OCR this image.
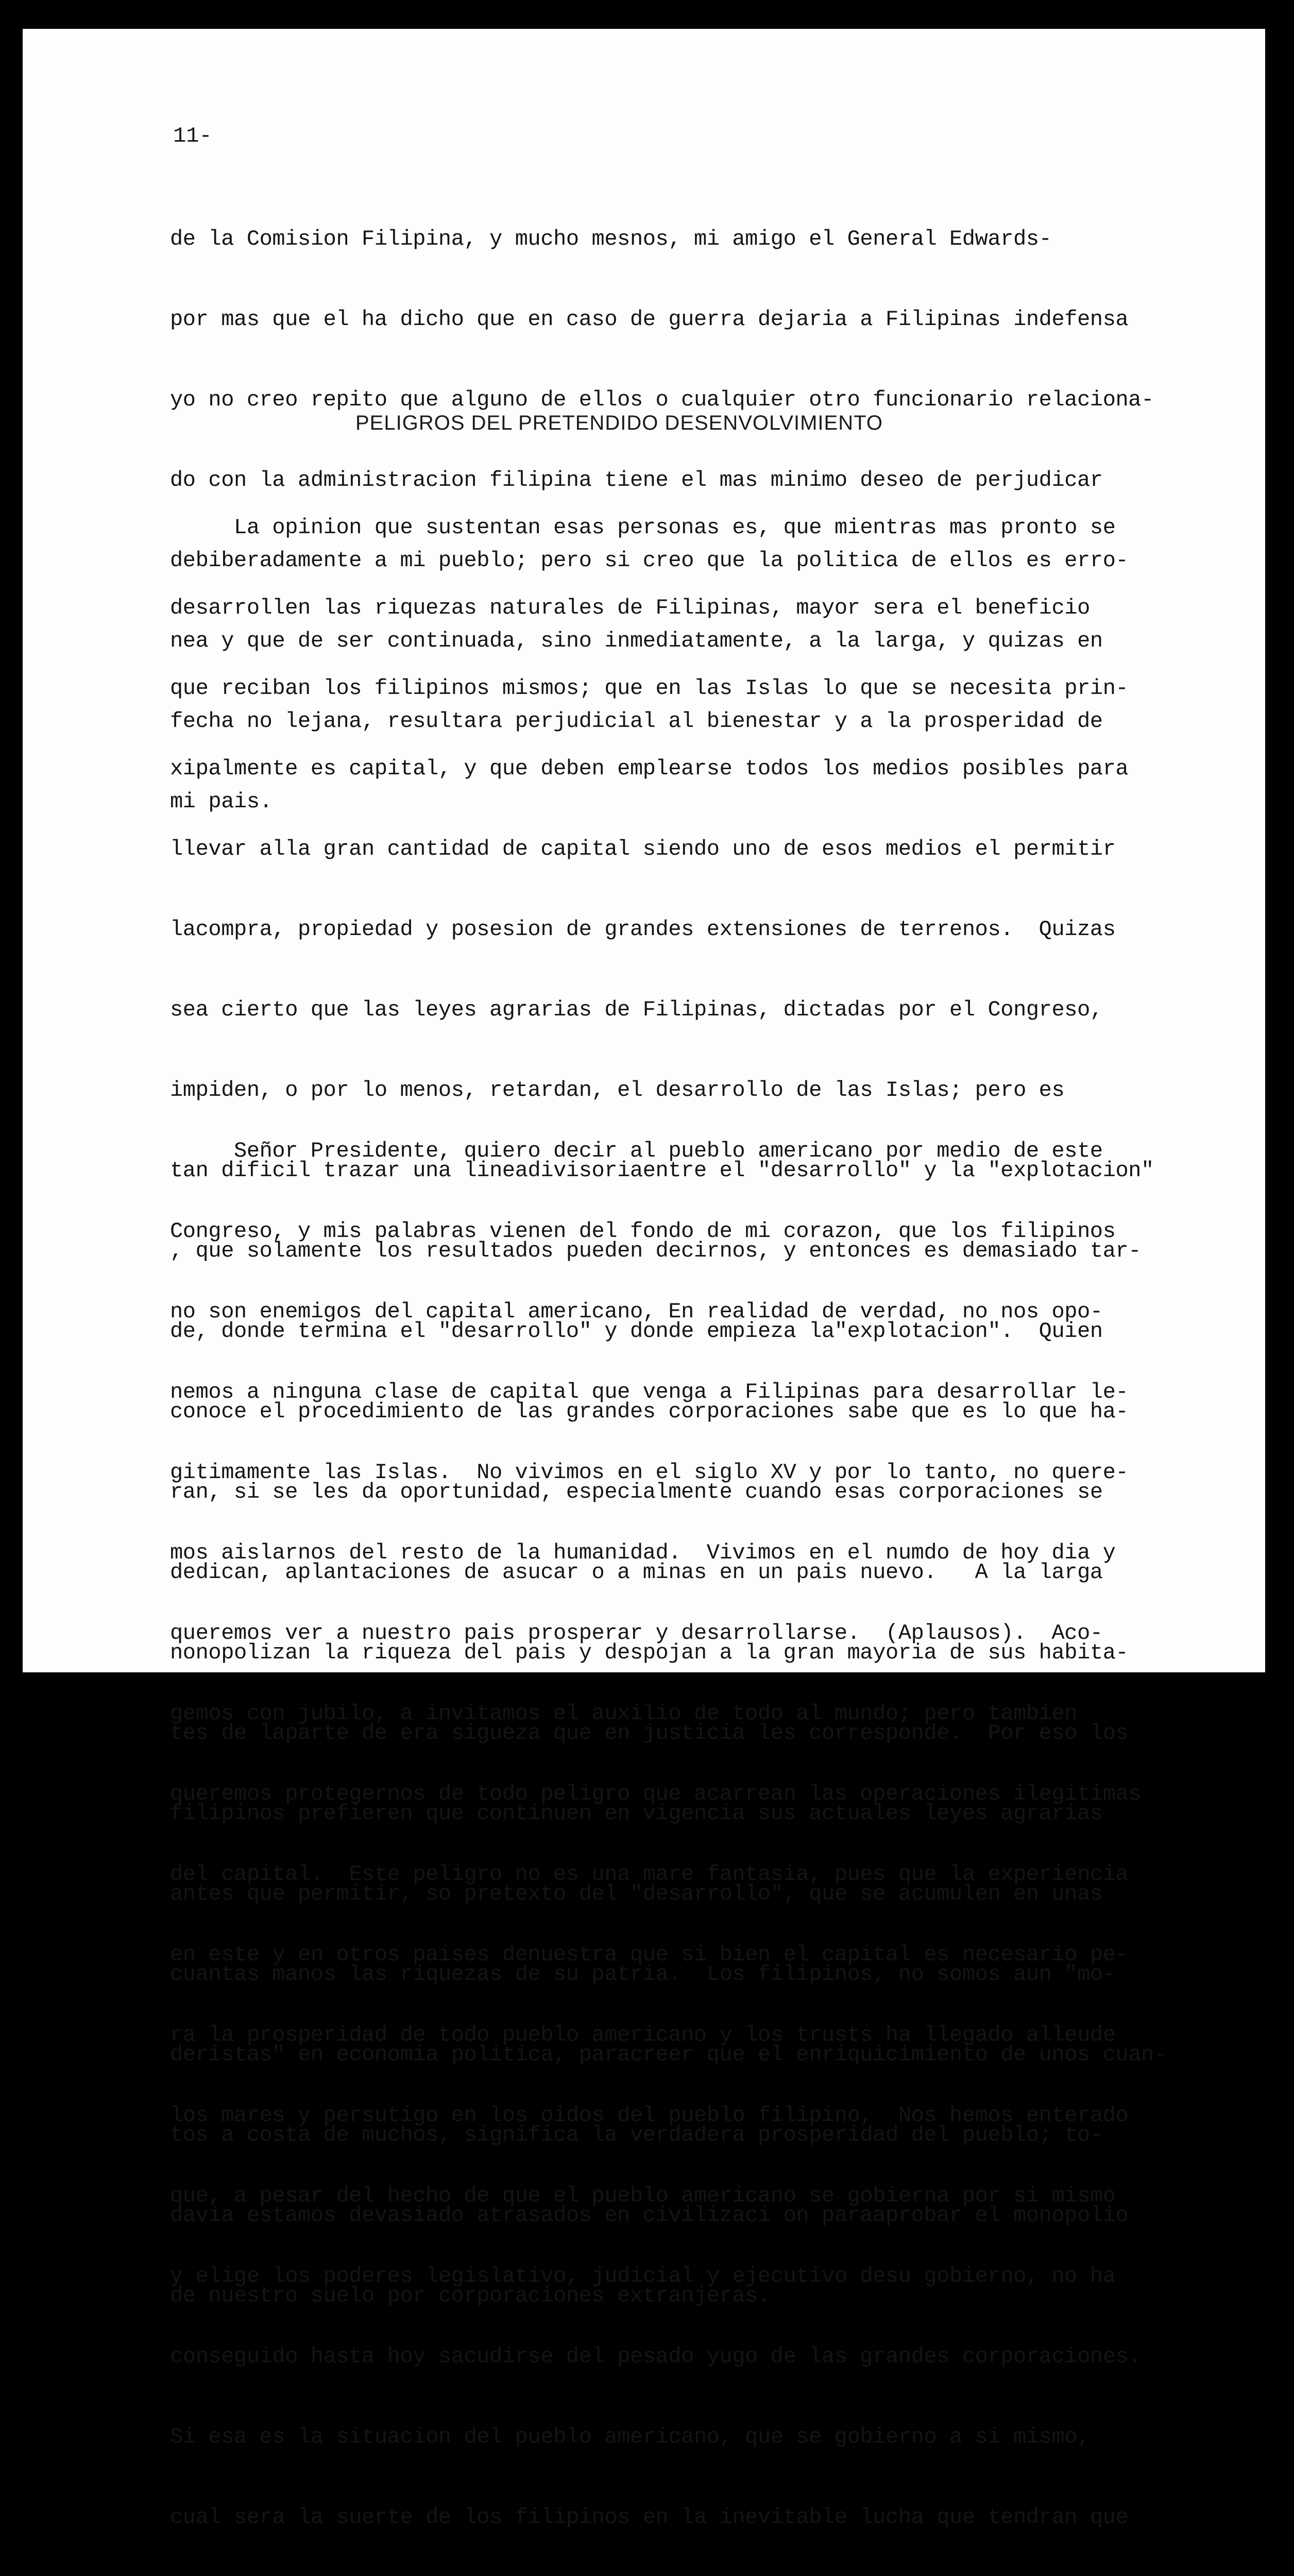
11-

de la Comision Filipina, y mucho mesnos, mi amigo el General Edwards-

por mas que el ha dicho que en caso de guerra dejaria a Filipinas indefensa

yo no creo repito que alguno de ellos o cualquier otro funcionario relaciona-

do con la administracion filipina tiene el mas minimo deseo de perjudicar

debiberadamente a mi pueblo; pero si creo que la politica de ellos es erro-

nea y que de ser continuada, sino inmediatamente, a la larga, y quizas en

fecha no lejana, resultara perjudicial al bienestar y a la prosperidad de

mi pais.

PELIGROS DEL PRETENDIDO DESENVOLVIMIENTO

La opinion que sustentan esas personas es, que mientras mas pronto se

desarrollen las riquezas naturales de Filipinas, mayor sera el beneficio

que reciban los filipinos mismos; que en las Islas lo que se necesita prin-

xipalmente es capital, y que deben emplearse todos los medios posibles para

llevar alla gran cantidad de capital siendo uno de esos medios el permitir

lacompra, propiedad y posesion de grandes extensiones de terrenos.  Quizas

sea cierto que las leyes agrarias de Filipinas, dictadas por el Congreso,

impiden, o por lo menos, retardan, el desarrollo de las Islas; pero es

tan dificil trazar una lineadivisoriaentre el "desarrollo" y la "explotacion"

, que solamente los resultados pueden decirnos, y entonces es demasiado tar-

de, donde termina el "desarrollo" y donde empieza la"explotacion".  Quien

conoce el procedimiento de las grandes corporaciones sabe que es lo que ha-

ran, si se les da oportunidad, especialmente cuando esas corporaciones se

dedican, aplantaciones de asucar o a minas en un pais nuevo.   A la larga

nonopolizan la riqueza del pais y despojan a la gran mayoria de sus habita-

tes de laparte de era sigueza que en justicia les corresponde.  Por eso los

filipinos prefieren que continuen en vigencia sus actuales leyes agrarias

antes que permitir, so pretexto del "desarrollo", que se acumulen en unas

cuantas manos las riquezas de su patria.  Los filipinos, no somos aun "mo-

deristas" en economia politica, paracreer que el enriquicimiento de unos cuan-

tos a costa de muchos, significa la verdadera prosperidad del pueblo; to-

davia estamos devasiado atrasados en civilizaci on paraaprobar el monopolio

de nuestro suelo por corporaciones extranjeras.

Señor Presidente, quiero decir al pueblo americano por medio de este

Congreso, y mis palabras vienen del fondo de mi corazon, que los filipinos

no son enemigos del capital americano, En realidad de verdad, no nos opo-

nemos a ninguna clase de capital que venga a Filipinas para desarrollar le-

gitimamente las Islas.  No vivimos en el siglo XV y por lo tanto, no quere-

mos aislarnos del resto de la humanidad.  Vivimos en el numdo de hoy dia y

queremos ver a nuestro pais prosperar y desarrollarse.  (Aplausos).  Aco-

gemos con jubilo, a invitamos el auxilio de todo al mundo; pero tambien

queremos protegernos de todo peligro que acarrean las operaciones ilegitimas

del capital.  Este peligro no es una mare fantasia, pues que la experiencia

en este y en otros paises denuestra que si bien el capital es necesario pe-

ra la prosperidad de todo pueblo americano y los trusts ha llegado alleude

los mares y persutigo en los oidos del pueblo filipino,  Nos hemos enterado

que, a pesar del hecho de que el pueblo americano se gobierna por si mismo

y elige los poderes legislativo, judicial y ejecutivo desu gobierno, no ha

conseguido hasta hoy sacudirse del pesado yugo de las grandes corporaciones.

Si esa es la situacion del pueblo americano, que se gobierno a si mismo,

cual sera la suerte de los filipinos en la inevitable lucha que tendran que
